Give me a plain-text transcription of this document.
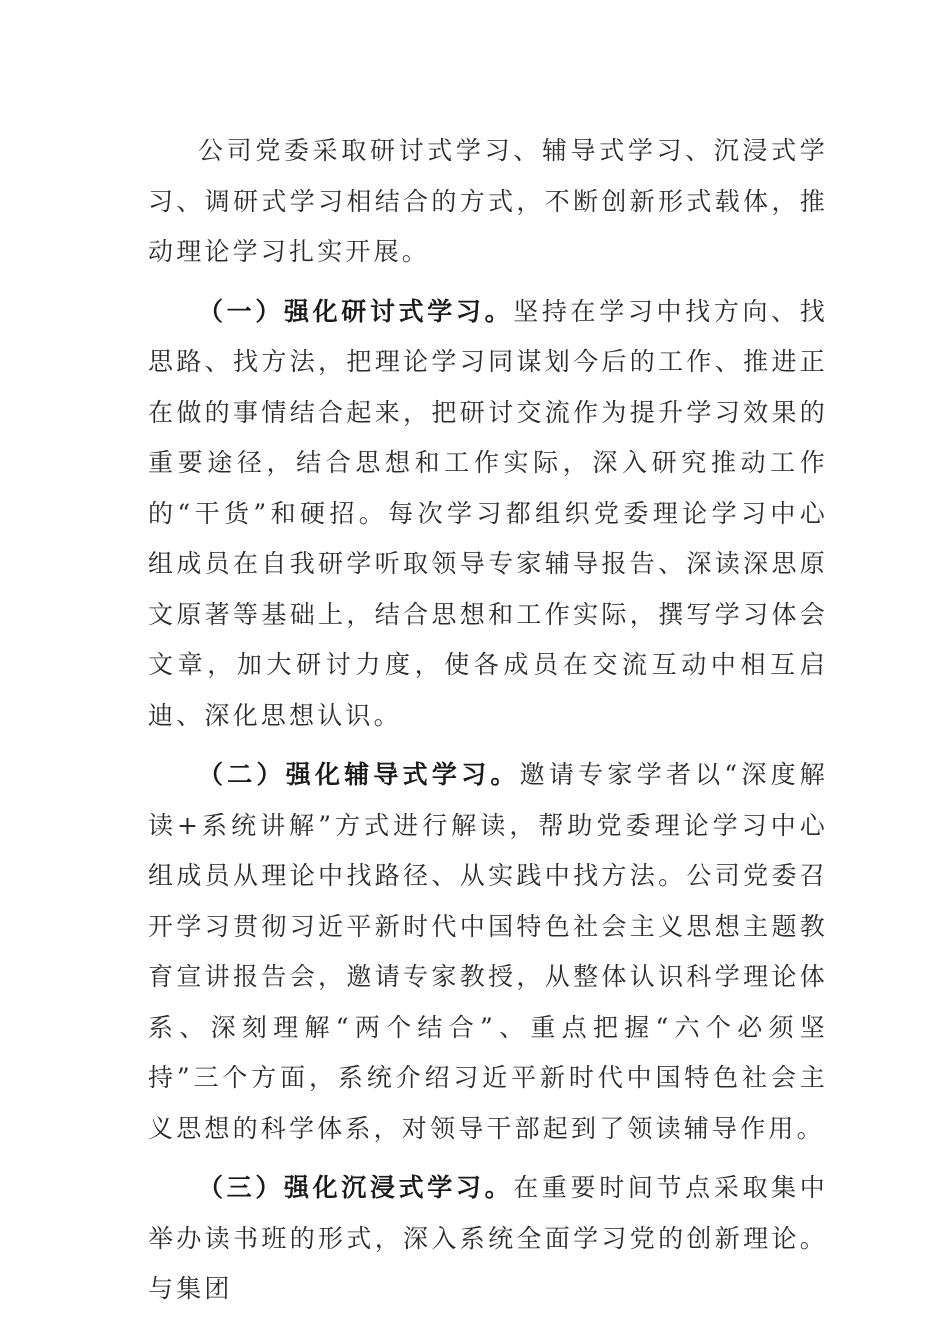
公司党委采取研讨式学习、辅导式学习、沉浸式学习、调研式学习相结合的方式，不断创新形式载体，推动理论学习扎实开展。

（一）强化研讨式学习。坚持在学习中找方向、找思路、找方法，把理论学习同谋划今后的工作、推进正在做的事情结合起来，把研讨交流作为提升学习效果的重要途径，结合思想和工作实际，深入研究推动工作的“干货”和硬招。每次学习都组织党委理论学习中心组成员在自我研学听取领导专家辅导报告、深读深思原文原著等基础上，结合思想和工作实际，撰写学习体会文章，加大研讨力度，使各成员在交流互动中相互启迪、深化思想认识。

（二）强化辅导式学习。邀请专家学者以“深度解读+系统讲解”方式进行解读，帮助党委理论学习中心组成员从理论中找路径、从实践中找方法。公司党委召开学习贯彻习近平新时代中国特色社会主义思想主题教育宣讲报告会，邀请专家教授，从整体认识科学理论体系、深刻理解“两个结合”、重点把握“六个必须坚持”三个方面，系统介绍习近平新时代中国特色社会主义思想的科学体系，对领导干部起到了领读辅导作用。

（三）强化沉浸式学习。在重要时间节点采取集中举办读书班的形式，深入系统全面学习党的创新理论。与集团
